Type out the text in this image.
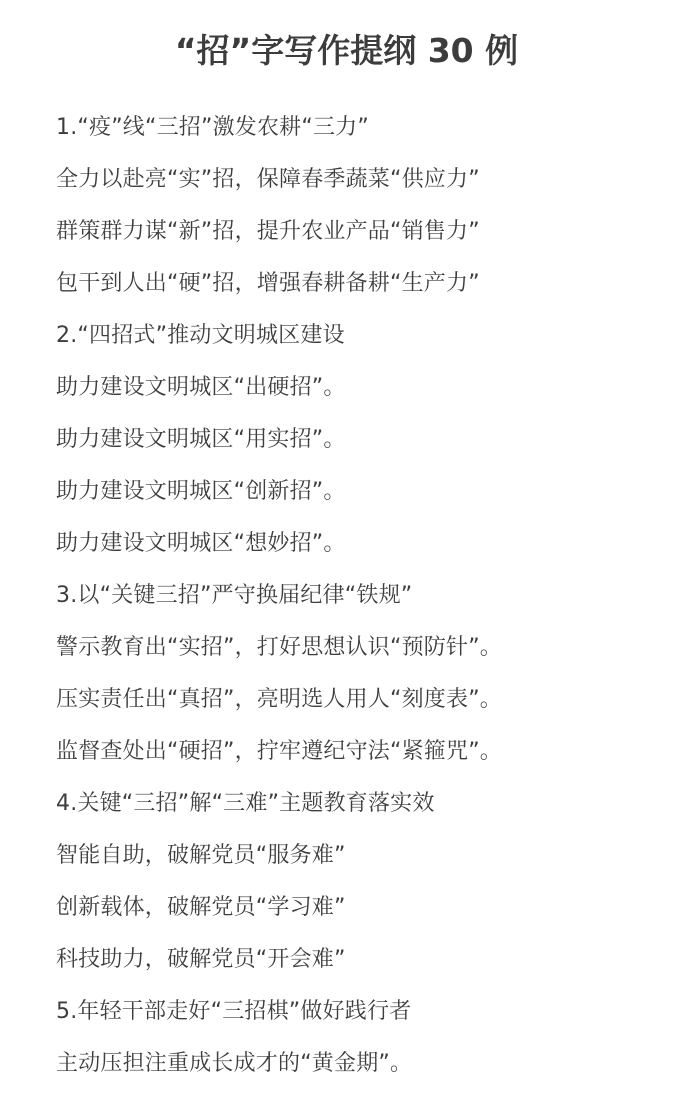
“招”字写作提纲 30 例
1.“疫”线“三招”激发农耕“三力”
全力以赴亮“实”招，保障春季蔬菜“供应力”
群策群力谋“新”招，提升农业产品“销售力”
包干到人出“硬”招，增强春耕备耕“生产力”
2.“四招式”推动文明城区建设
助力建设文明城区“出硬招”。
助力建设文明城区“用实招”。
助力建设文明城区“创新招”。
助力建设文明城区“想妙招”。
3.以“关键三招”严守换届纪律“铁规”
警示教育出“实招”，打好思想认识“预防针”。
压实责任出“真招”，亮明选人用人“刻度表”。
监督查处出“硬招”，拧牢遵纪守法“紧箍咒”。
4.关键“三招”解“三难”主题教育落实效
智能自助，破解党员“服务难”
创新载体，破解党员“学习难”
科技助力，破解党员“开会难”
5.年轻干部走好“三招棋”做好践行者
主动压担注重成长成才的“黄金期”。
